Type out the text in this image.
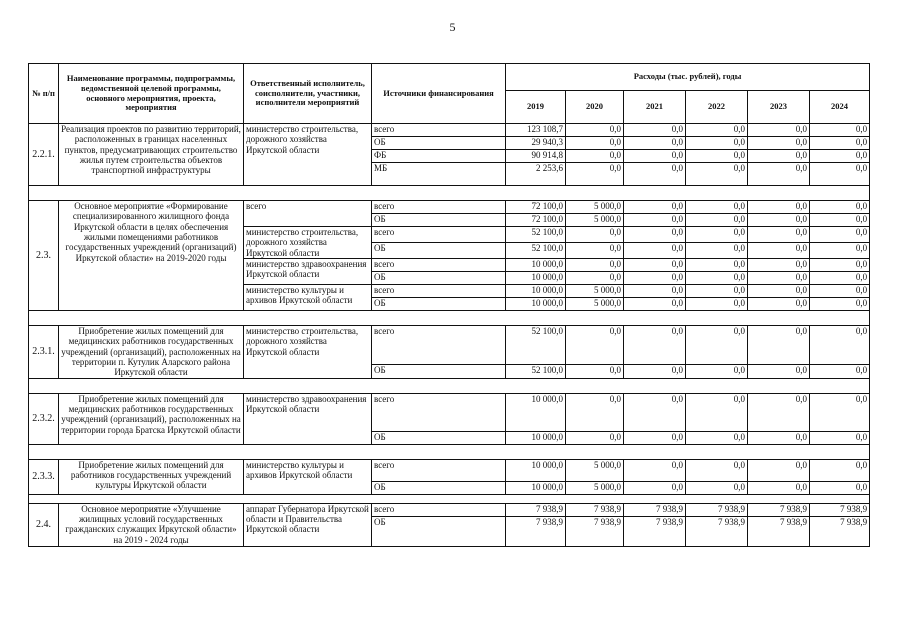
5
№ п/п	Наименование программы, подпрограммы, ведомственной целевой программы, основного мероприятия, проекта, мероприятия	Ответственный исполнитель, соисполнители, участники, исполнители мероприятий	Источники финансирования	Расходы (тыс. рублей), годы					
				2019	2020	2021	2022	2023	2024
2.2.1.	Реализация проектов по развитию территорий, расположенных в границах населенных пунктов, предусматривающих строительство жилья путем строительства объектов транспортной инфраструктуры	министерство строительства, дорожного хозяйства Иркутской области	всего	123 108,7	0,0	0,0	0,0	0,0	0,0
			ОБ	29 940,3	0,0	0,0	0,0	0,0	0,0
			ФБ	90 914,8	0,0	0,0	0,0	0,0	0,0
			МБ	2 253,6	0,0	0,0	0,0	0,0	0,0

2.3.	Основное мероприятие «Формирование специализированного жилищного фонда Иркутской области в целях обеспечения жилыми помещениями работников государственных учреждений (организаций) Иркутской области» на 2019-2020 годы	всего	всего	72 100,0	5 000,0	0,0	0,0	0,0	0,0
			ОБ	72 100,0	5 000,0	0,0	0,0	0,0	0,0
		министерство строительства, дорожного хозяйства Иркутской области	всего	52 100,0	0,0	0,0	0,0	0,0	0,0
			ОБ	52 100,0	0,0	0,0	0,0	0,0	0,0
		министерство здравоохранения Иркутской области	всего	10 000,0	0,0	0,0	0,0	0,0	0,0
			ОБ	10 000,0	0,0	0,0	0,0	0,0	0,0
		министерство культуры и архивов Иркутской области	всего	10 000,0	5 000,0	0,0	0,0	0,0	0,0
			ОБ	10 000,0	5 000,0	0,0	0,0	0,0	0,0

2.3.1.	Приобретение жилых помещений для медицинских работников государственных учреждений (организаций), расположенных на территории п. Кутулик Аларского района Иркутской области	министерство строительства, дорожного хозяйства Иркутской области	всего	52 100,0	0,0	0,0	0,0	0,0	0,0
			ОБ	52 100,0	0,0	0,0	0,0	0,0	0,0

2.3.2.	Приобретение жилых помещений для медицинских работников государственных учреждений (организаций), расположенных на территории города Братска Иркутской области	министерство здравоохранения Иркутской области	всего	10 000,0	0,0	0,0	0,0	0,0	0,0
			ОБ	10 000,0	0,0	0,0	0,0	0,0	0,0

2.3.3.	Приобретение жилых помещений для работников государственных учреждений культуры Иркутской области	министерство культуры и архивов Иркутской области	всего	10 000,0	5 000,0	0,0	0,0	0,0	0,0
			ОБ	10 000,0	5 000,0	0,0	0,0	0,0	0,0

2.4.	Основное мероприятие «Улучшение жилищных условий государственных гражданских служащих Иркутской области» на 2019 - 2024 годы	аппарат Губернатора Иркутской области и Правительства Иркутской области	всего	7 938,9	7 938,9	7 938,9	7 938,9	7 938,9	7 938,9
			ОБ	7 938,9	7 938,9	7 938,9	7 938,9	7 938,9	7 938,9
